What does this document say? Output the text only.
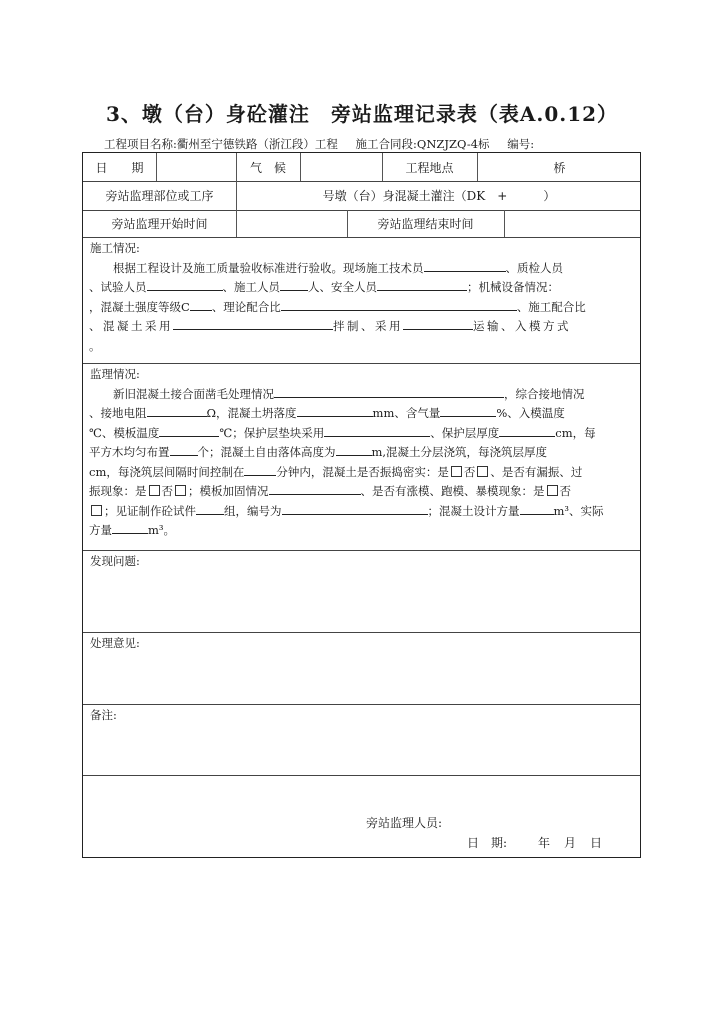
3、墩（台）身砼灌注　旁站监理记录表（表A.0.12）
工程项目名称:衢州至宁德铁路（浙江段）工程 施工合同段:QNZJZQ-4标 编号:
日　　期	气　候	工程地点	桥
旁站监理部位或工序	号墩（台）身混凝土灌注（DK　+　　　）
旁站监理开始时间	旁站监理结束时间
施工情况:
根据工程设计及施工质量验收标准进行验收。现场施工技术员	、质检人员
、试验人员	、施工人员 人、安全人员	；机械设备情况：
，混凝土强度等级C 、理论配合比	、施工配合比
、混凝土采用	拌制、采用	运输、入模方式
。
监理情况:
新旧混凝土接合面凿毛处理情况	，综合接地情况
、接地电阻	Ω，混凝土坍落度	mm、含气量	%、入模温度
℃、模板温度	℃；保护层垫块采用	、保护层厚度	cm，每
平方木均匀布置 个；混凝土自由落体高度为	m,混凝土分层浇筑，每浇筑层厚度
cm，每浇筑层间隔时间控制在	分钟内，混凝土是否振捣密实：是 否 、是否有漏振、过
振现象：是 否 ；模板加固情况	、是否有涨模、跑模、暴模现象：是 否
；见证制作砼试件 组，编号为	；混凝土设计方量	m³、实际
方量	m³。
发现问题:
处理意见:
备注:
旁站监理人员:
日　期:	年 月 日
